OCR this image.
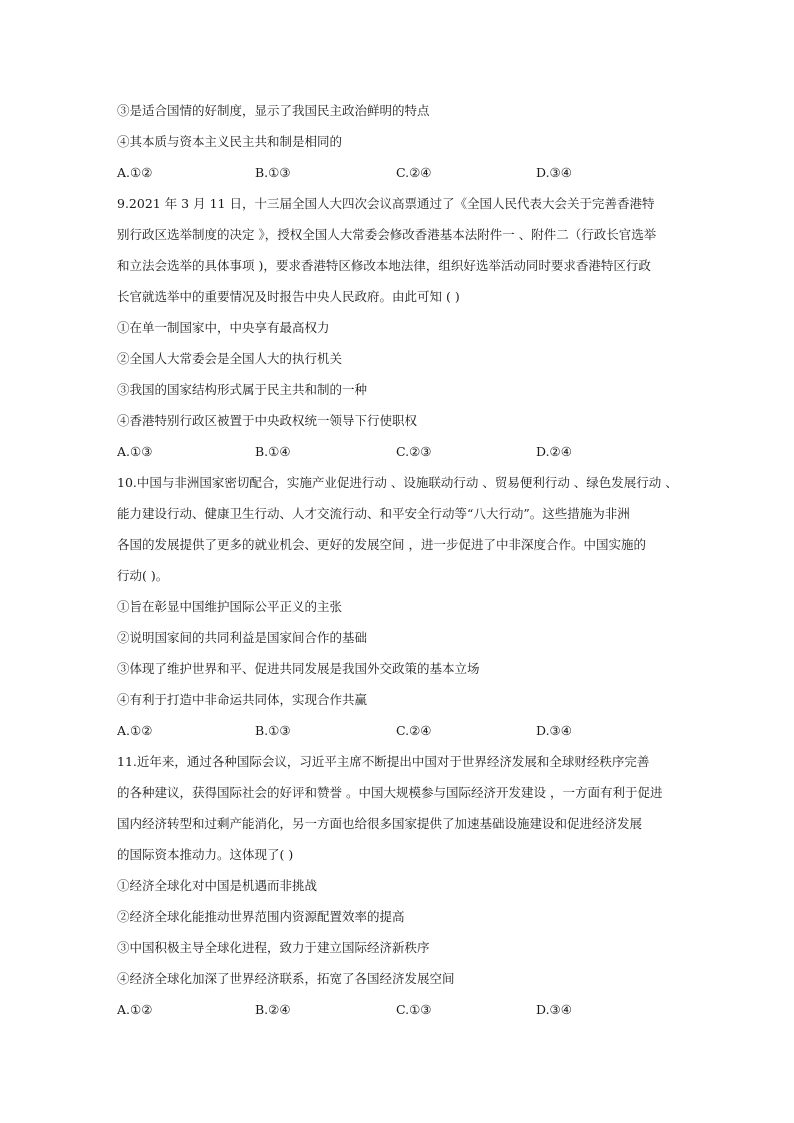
③是适合国情的好制度，显示了我国民主政治鲜明的特点
④其本质与资本主义民主共和制是相同的
A.①②	B.①③	C.②④	D.③④
9.2021 年 3 月 11 日，十三届全国人大四次会议高票通过了《全国人民代表大会关于完善香港特
别行政区选举制度的决定 》，授权全国人大常委会修改香港基本法附件一 、附件二（行政长官选举
和立法会选举的具体事项 )，要求香港特区修改本地法律，组织好选举活动同时要求香港特区行政
长官就选举中的重要情况及时报告中央人民政府。由此可知 ( )
①在单一制国家中，中央享有最高权力
②全国人大常委会是全国人大的执行机关
③我国的国家结构形式属于民主共和制的一种
④香港特别行政区被置于中央政权统一领导下行使职权
A.①③	B.①④	C.②③	D.②④
10.中国与非洲国家密切配合，实施产业促进行动 、设施联动行动 、贸易便利行动 、绿色发展行动 、
能力建设行动、健康卫生行动、人才交流行动、和平安全行动等“八大行动”。这些措施为非洲
各国的发展提供了更多的就业机会、更好的发展空间 ，进一步促进了中非深度合作。中国实施的
行动( )。
①旨在彰显中国维护国际公平正义的主张
②说明国家间的共同利益是国家间合作的基础
③体现了维护世界和平、促进共同发展是我国外交政策的基本立场
④有利于打造中非命运共同体，实现合作共赢
A.①②	B.①③	C.②④	D.③④
11.近年来，通过各种国际会议，习近平主席不断提出中国对于世界经济发展和全球财经秩序完善
的各种建议，获得国际社会的好评和赞誉 。中国大规模参与国际经济开发建设 ，一方面有利于促进
国内经济转型和过剩产能消化，另一方面也给很多国家提供了加速基础设施建设和促进经济发展
的国际资本推动力。这体现了( )
①经济全球化对中国是机遇而非挑战
②经济全球化能推动世界范围内资源配置效率的提高
③中国积极主导全球化进程，致力于建立国际经济新秩序
④经济全球化加深了世界经济联系，拓宽了各国经济发展空间
A.①②	B.②④	C.①③	D.③④
